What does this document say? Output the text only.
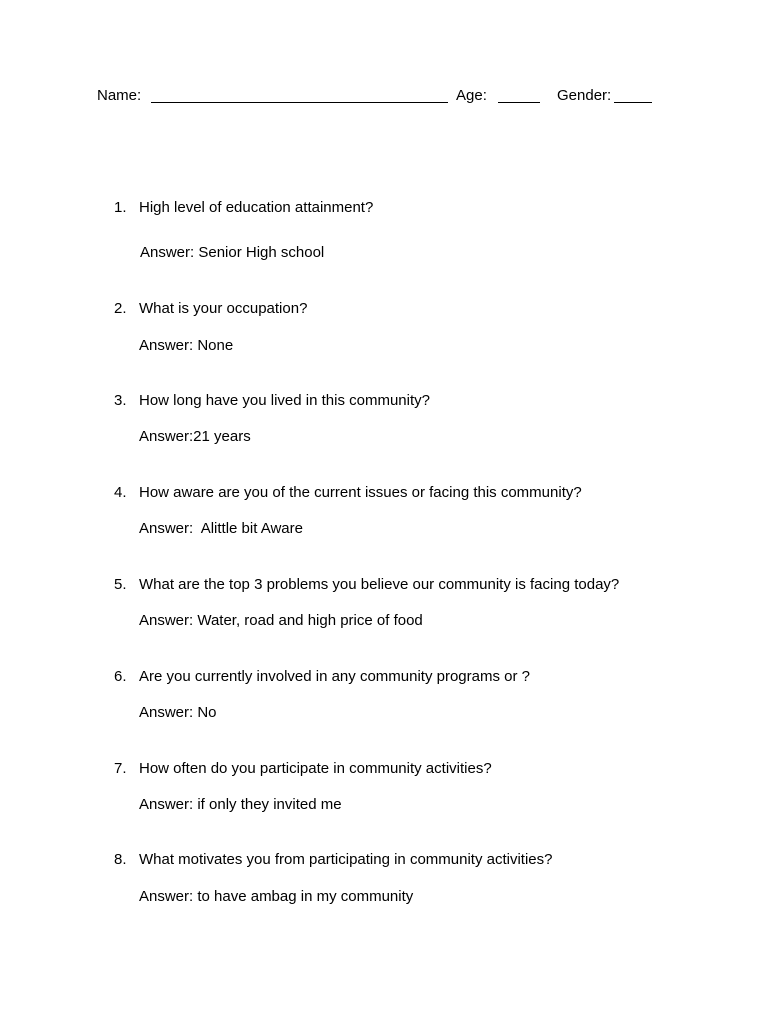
Name:	Age:	Gender:
1. High level of education attainment?
Answer: Senior High school
2. What is your occupation?
Answer: None
3. How long have you lived in this community?
Answer:21 years
4. How aware are you of the current issues or facing this community?
Answer:  Alittle bit Aware
5. What are the top 3 problems you believe our community is facing today?
Answer: Water, road and high price of food
6. Are you currently involved in any community programs or ?
Answer: No
7. How often do you participate in community activities?
Answer: if only they invited me
8. What motivates you from participating in community activities?
Answer: to have ambag in my community
